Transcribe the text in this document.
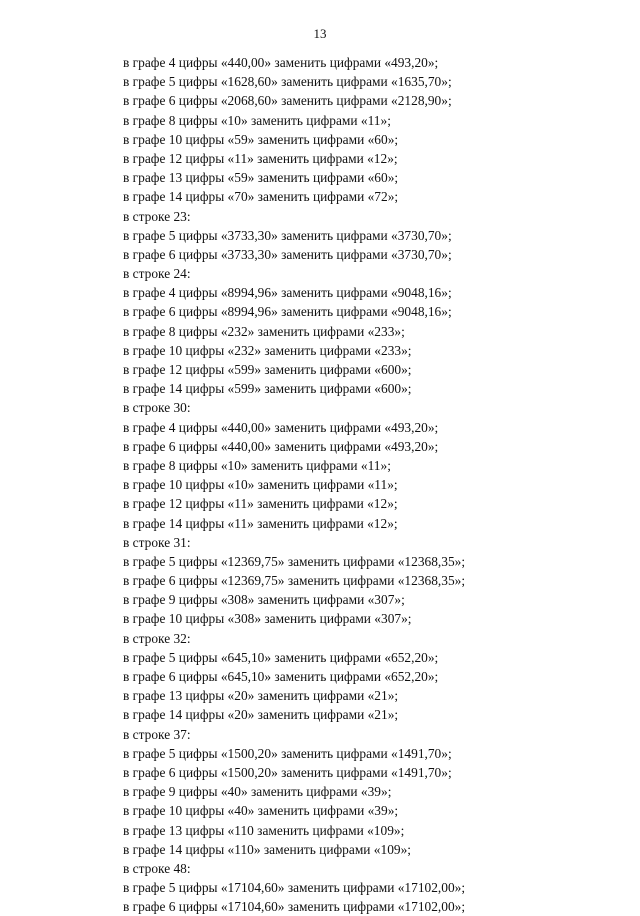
13
в графе 4 цифры «440,00» заменить цифрами «493,20»;
в графе 5 цифры «1628,60» заменить цифрами «1635,70»;
в графе 6 цифры «2068,60» заменить цифрами «2128,90»;
в графе 8 цифры «10» заменить цифрами «11»;
в графе 10 цифры «59» заменить цифрами «60»;
в графе 12 цифры «11» заменить цифрами «12»;
в графе 13 цифры «59» заменить цифрами «60»;
в графе 14 цифры «70» заменить цифрами «72»;
в строке 23:
в графе 5 цифры «3733,30» заменить цифрами «3730,70»;
в графе 6 цифры «3733,30» заменить цифрами «3730,70»;
в строке 24:
в графе 4 цифры «8994,96» заменить цифрами «9048,16»;
в графе 6 цифры «8994,96» заменить цифрами «9048,16»;
в графе 8 цифры «232» заменить цифрами «233»;
в графе 10 цифры «232» заменить цифрами «233»;
в графе 12 цифры «599» заменить цифрами «600»;
в графе 14 цифры «599» заменить цифрами «600»;
в строке 30:
в графе 4 цифры «440,00» заменить цифрами «493,20»;
в графе 6 цифры «440,00» заменить цифрами «493,20»;
в графе 8 цифры «10» заменить цифрами «11»;
в графе 10 цифры «10» заменить цифрами «11»;
в графе 12 цифры «11» заменить цифрами «12»;
в графе 14 цифры «11» заменить цифрами «12»;
в строке 31:
в графе 5 цифры «12369,75» заменить цифрами «12368,35»;
в графе 6 цифры «12369,75» заменить цифрами «12368,35»;
в графе 9 цифры «308» заменить цифрами «307»;
в графе 10 цифры «308» заменить цифрами «307»;
в строке 32:
в графе 5 цифры «645,10» заменить цифрами «652,20»;
в графе 6 цифры «645,10» заменить цифрами «652,20»;
в графе 13 цифры «20» заменить цифрами «21»;
в графе 14 цифры «20» заменить цифрами «21»;
в строке 37:
в графе 5 цифры «1500,20» заменить цифрами «1491,70»;
в графе 6 цифры «1500,20» заменить цифрами «1491,70»;
в графе 9 цифры «40» заменить цифрами «39»;
в графе 10 цифры «40» заменить цифрами «39»;
в графе 13 цифры «110 заменить цифрами «109»;
в графе 14 цифры «110» заменить цифрами «109»;
в строке 48:
в графе 5 цифры «17104,60» заменить цифрами «17102,00»;
в графе 6 цифры «17104,60» заменить цифрами «17102,00»;
